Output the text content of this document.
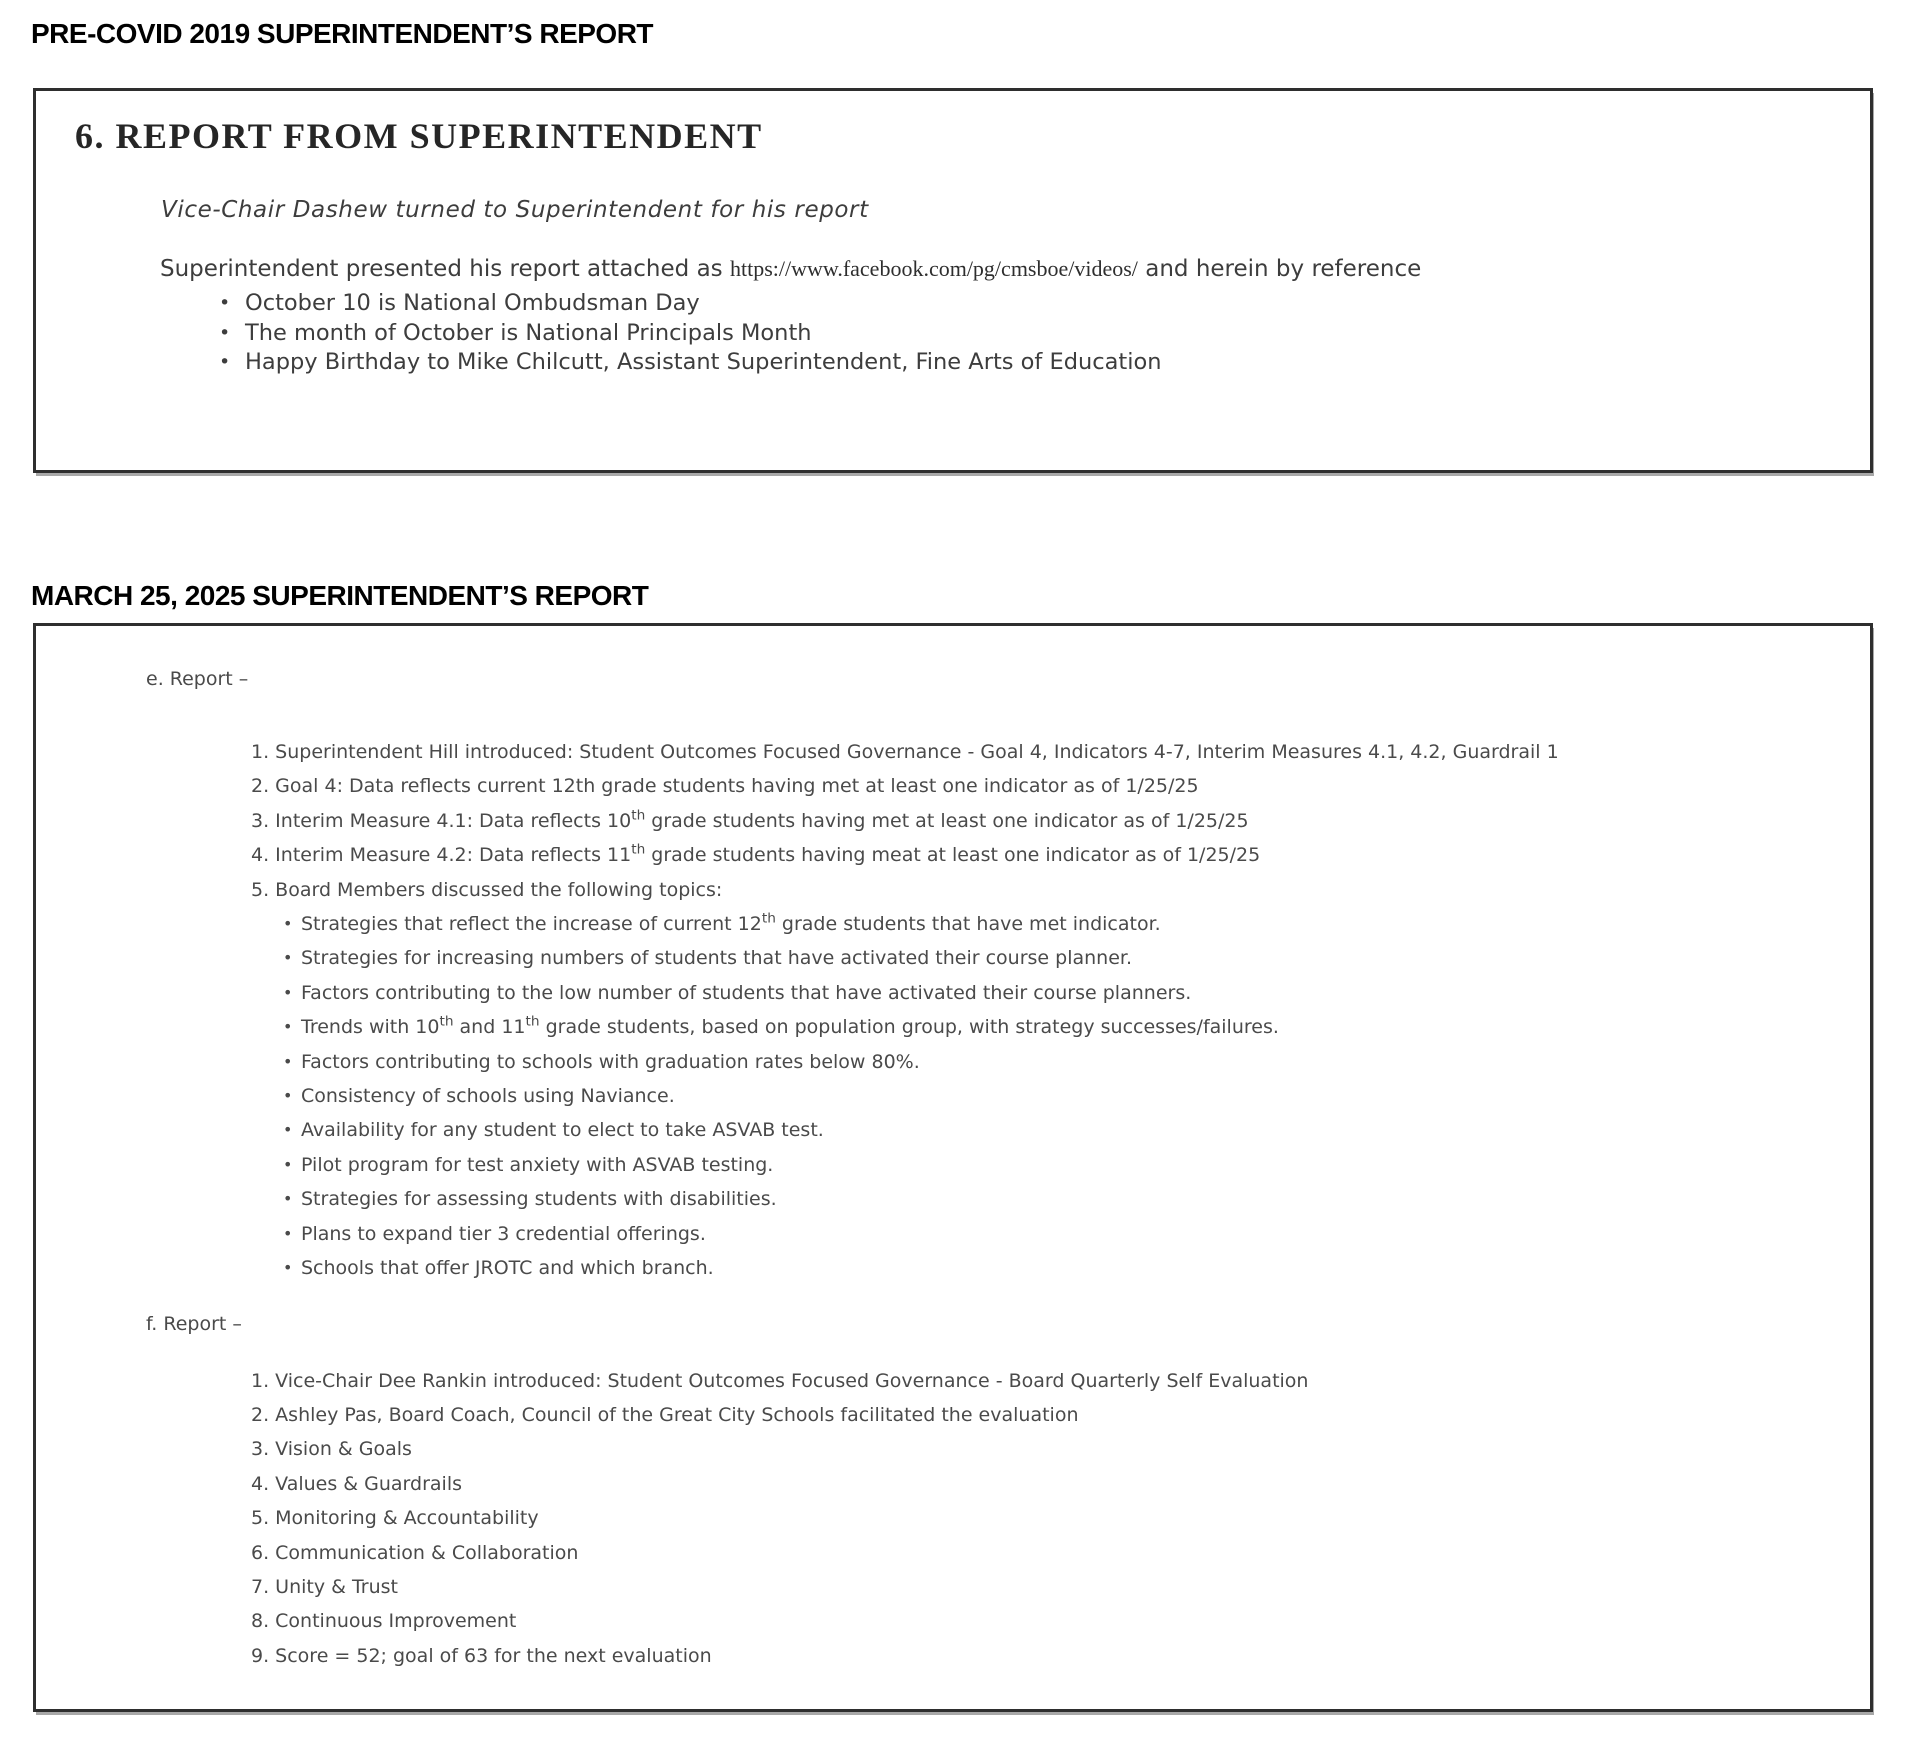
PRE-COVID 2019 SUPERINTENDENT’S REPORT
6. REPORT FROM SUPERINTENDENT
Vice-Chair Dashew turned to Superintendent for his report
Superintendent presented his report attached as https://www.facebook.com/pg/cmsboe/videos/ and herein by reference
• October 10 is National Ombudsman Day
• The month of October is National Principals Month
• Happy Birthday to Mike Chilcutt, Assistant Superintendent, Fine Arts of Education
MARCH 25, 2025 SUPERINTENDENT’S REPORT
e. Report –
1. Superintendent Hill introduced: Student Outcomes Focused Governance - Goal 4, Indicators 4-7, Interim Measures 4.1, 4.2, Guardrail 1
2. Goal 4: Data reflects current 12th grade students having met at least one indicator as of 1/25/25
3. Interim Measure 4.1: Data reflects 10th grade students having met at least one indicator as of 1/25/25
4. Interim Measure 4.2: Data reflects 11th grade students having meat at least one indicator as of 1/25/25
5. Board Members discussed the following topics:
• Strategies that reflect the increase of current 12th grade students that have met indicator.
• Strategies for increasing numbers of students that have activated their course planner.
• Factors contributing to the low number of students that have activated their course planners.
• Trends with 10th and 11th grade students, based on population group, with strategy successes/failures.
• Factors contributing to schools with graduation rates below 80%.
• Consistency of schools using Naviance.
• Availability for any student to elect to take ASVAB test.
• Pilot program for test anxiety with ASVAB testing.
• Strategies for assessing students with disabilities.
• Plans to expand tier 3 credential offerings.
• Schools that offer JROTC and which branch.
f. Report –
1. Vice-Chair Dee Rankin introduced: Student Outcomes Focused Governance - Board Quarterly Self Evaluation
2. Ashley Pas, Board Coach, Council of the Great City Schools facilitated the evaluation
3. Vision & Goals
4. Values & Guardrails
5. Monitoring & Accountability
6. Communication & Collaboration
7. Unity & Trust
8. Continuous Improvement
9. Score = 52; goal of 63 for the next evaluation
